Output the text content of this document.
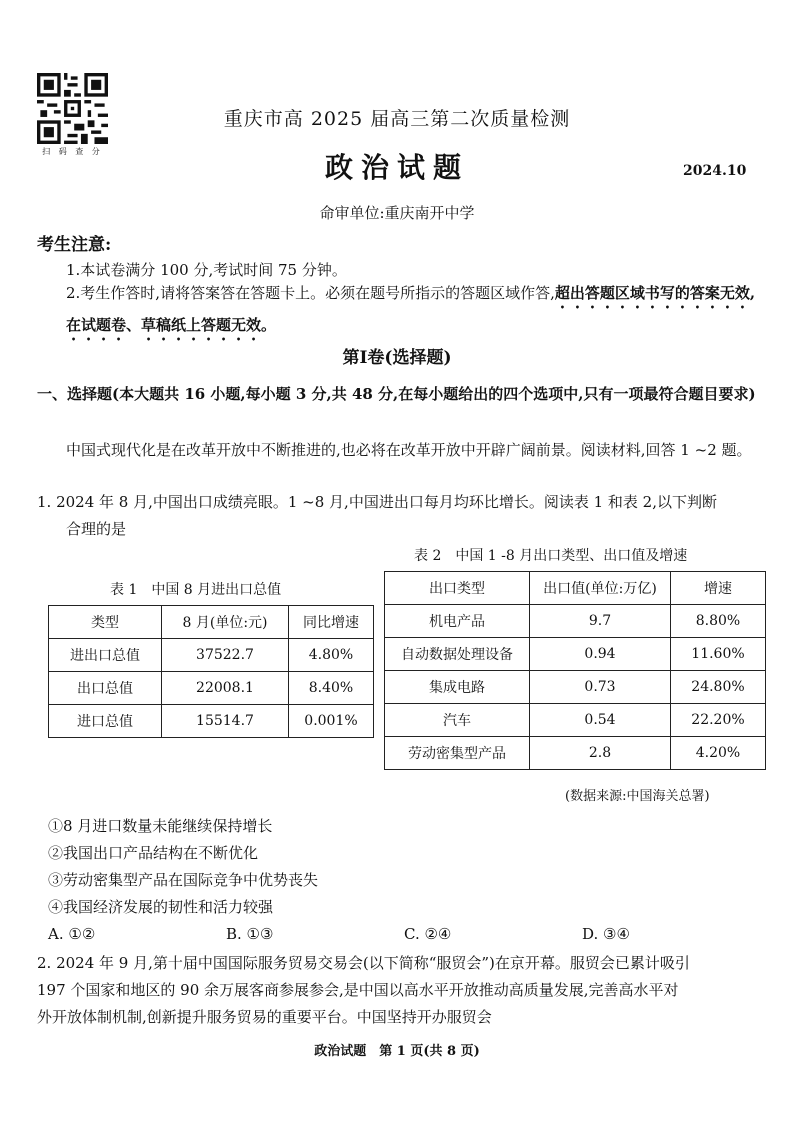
扫 码 查 分
重庆市高 2025 届高三第二次质量检测
政治试题	2024.10
命审单位:重庆南开中学
考生注意:
1.本试卷满分 100 分,考试时间 75 分钟。
2.考生作答时,请将答案答在答题卡上。必须在题号所指示的答题区域作答,超出答题区域书写的答案无效,在试题卷、草稿纸上答题无效。
第Ⅰ卷(选择题)
一、选择题(本大题共 16 小题,每小题 3 分,共 48 分,在每小题给出的四个选项中,只有一项最符合题目要求)
中国式现代化是在改革开放中不断推进的,也必将在改革开放中开辟广阔前景。阅读材料,回答 1 ~2 题。
1. 2024 年 8 月,中国出口成绩亮眼。1 ~8 月,中国进出口每月均环比增长。阅读表 1 和表 2,以下判断
合理的是
表 2　中国 1 -8 月出口类型、出口值及增速
表 1　中国 8 月进出口总值
类型	8 月(单位:元)	同比增速
进出口总值	37522.7	4.80%
出口总值	22008.1	8.40%
进口总值	15514.7	0.001%
出口类型	出口值(单位:万亿)	增速
机电产品	9.7	8.80%
自动数据处理设备	0.94	11.60%
集成电路	0.73	24.80%
汽车	0.54	22.20%
劳动密集型产品	2.8	4.20%
(数据来源:中国海关总署)
①8 月进口数量未能继续保持增长
②我国出口产品结构在不断优化
③劳动密集型产品在国际竞争中优势丧失
④我国经济发展的韧性和活力较强
A. ①②	B. ①③	C. ②④	D. ③④
2. 2024 年 9 月,第十届中国国际服务贸易交易会(以下简称“服贸会”)在京开幕。服贸会已累计吸引
197 个国家和地区的 90 余万展客商参展参会,是中国以高水平开放推动高质量发展,完善高水平对
外开放体制机制,创新提升服务贸易的重要平台。中国坚持开办服贸会
政治试题　第 1 页(共 8 页)
